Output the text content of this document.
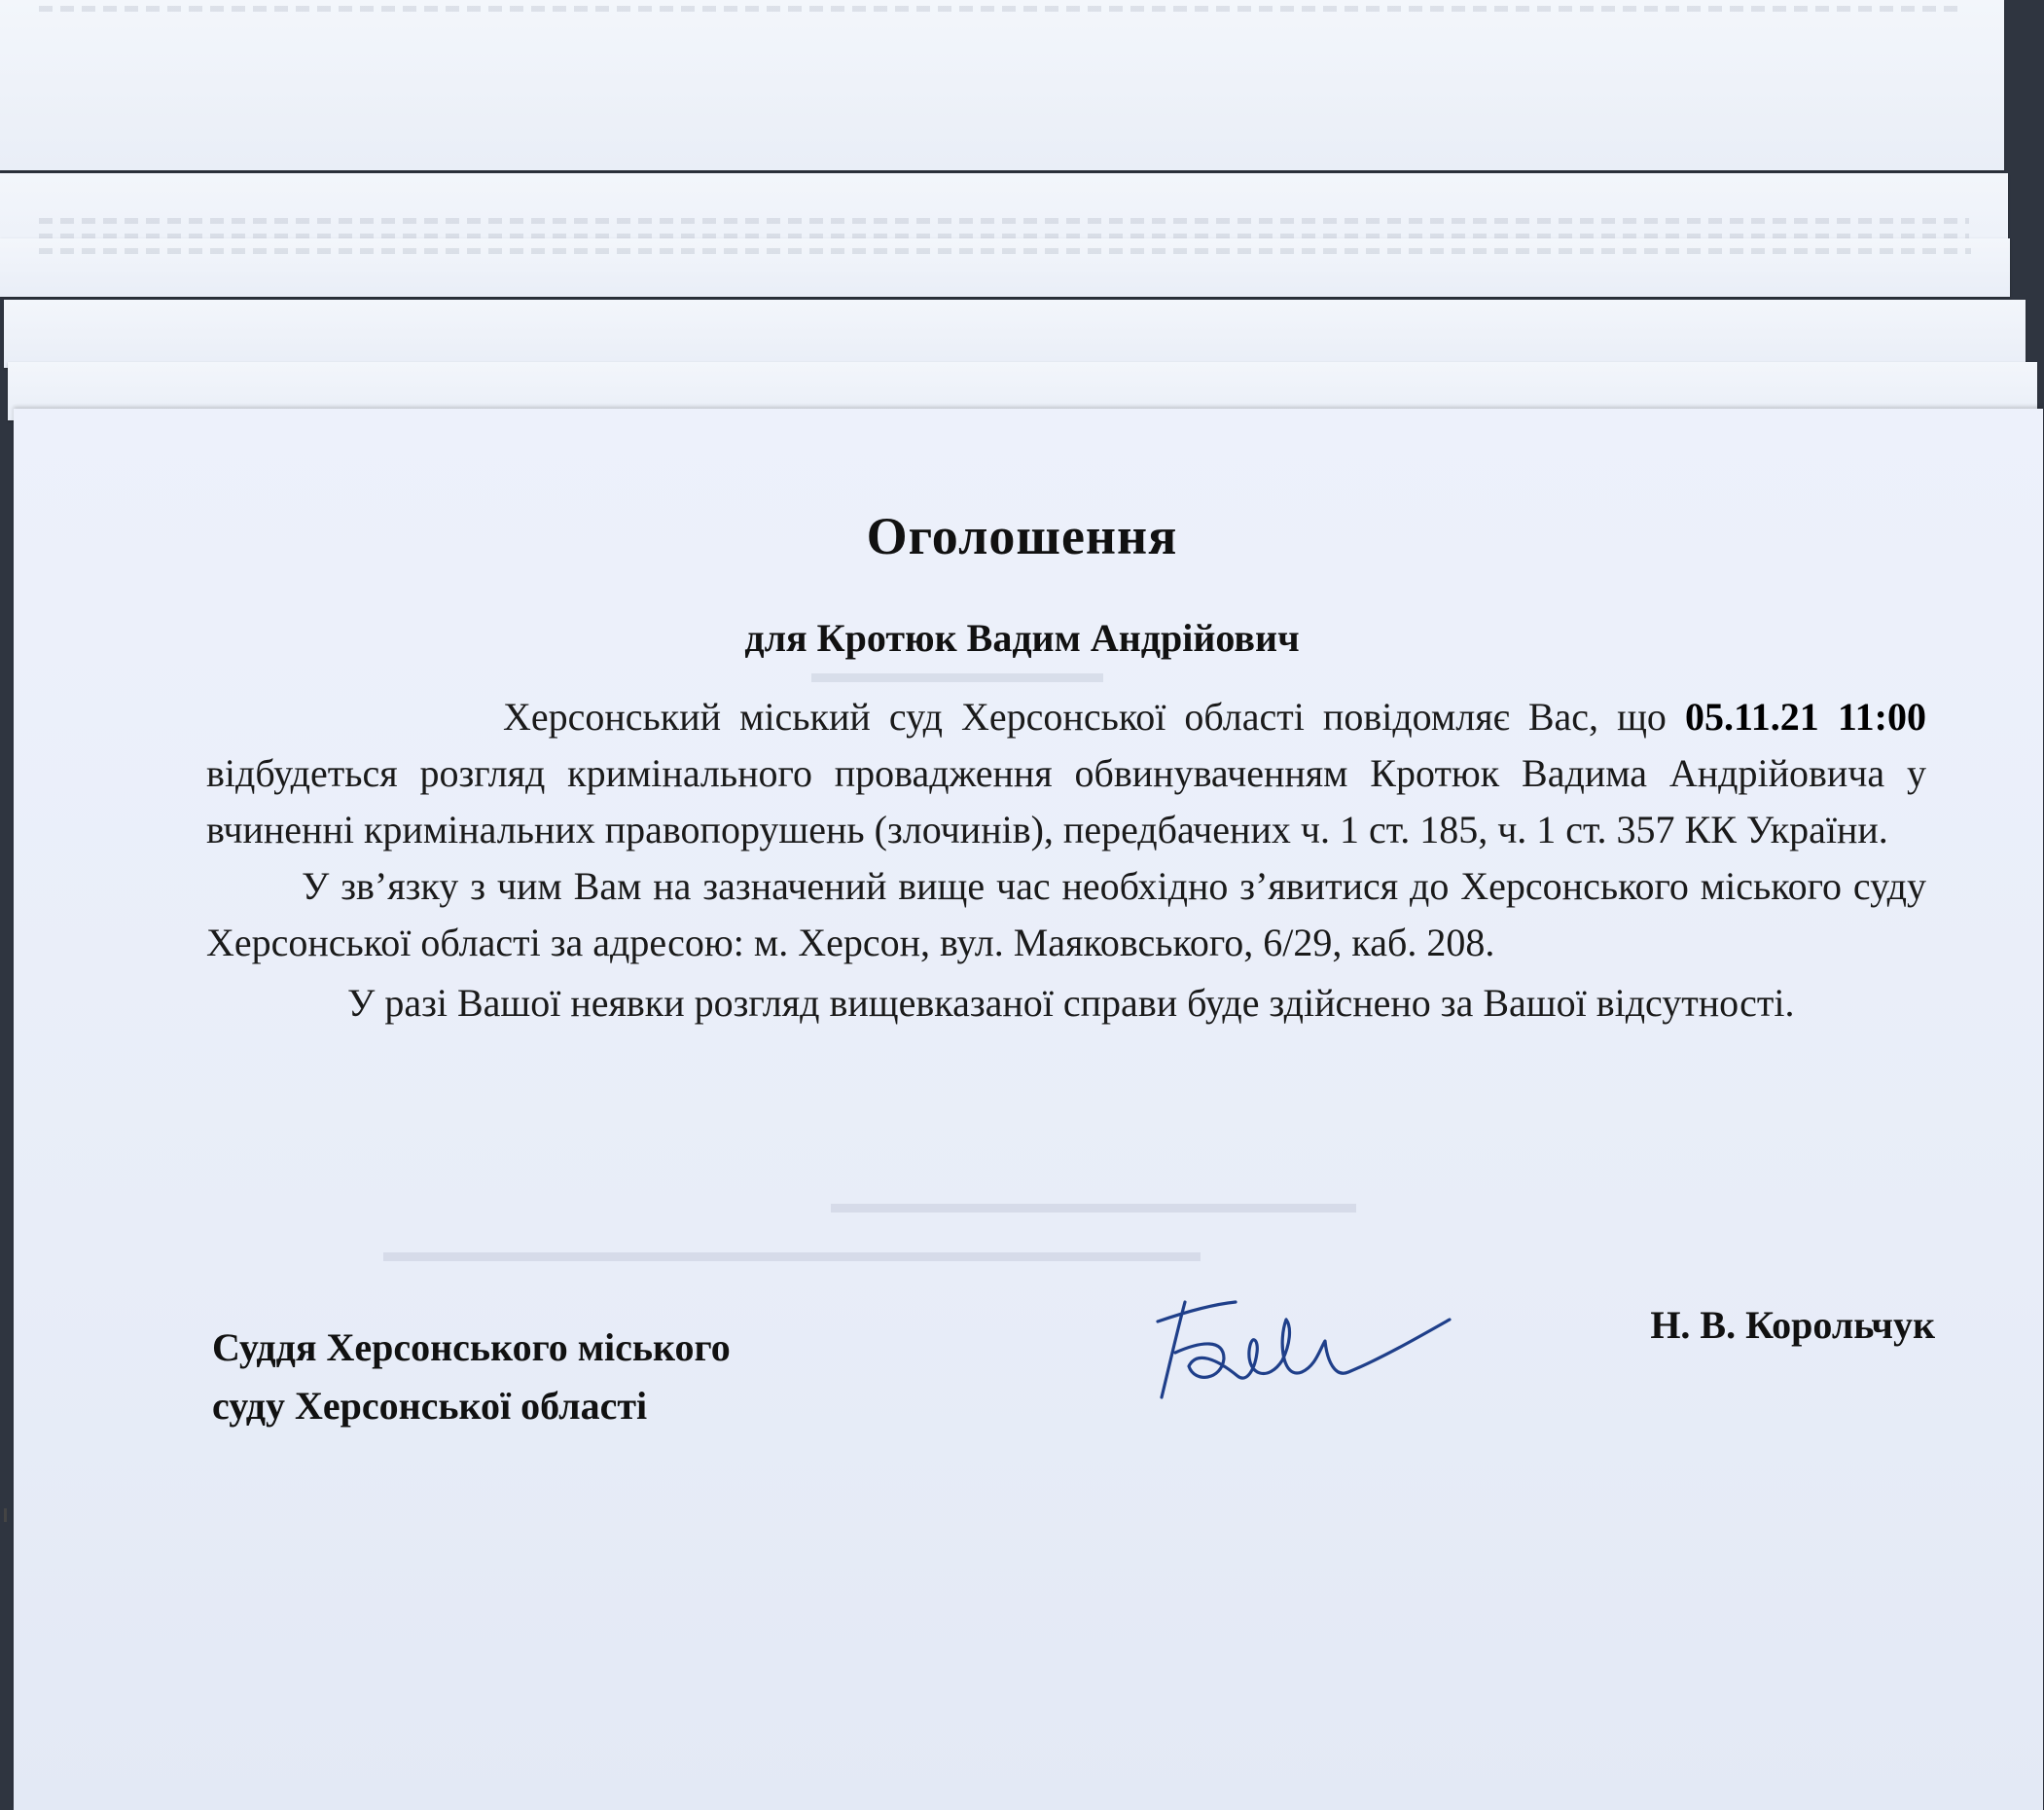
▬▬▬▬▬▬▬▬▬▬
▬▬▬▬▬▬▬▬▬▬▬▬▬▬▬▬▬▬
▬▬▬▬▬▬▬▬▬▬▬▬▬▬▬▬▬▬▬▬▬▬▬▬▬▬▬▬
Оголошення
для Кротюк Вадим Андрійович

Херсонський міський суд Херсонської області повідомляє Вас, що 05.11.21 11:00 відбудеться розгляд кримінального провадження обвинуваченням Кротюк Вадима Андрійовича у вчиненні кримінальних правопорушень (злочинів), передбачених ч. 1 ст. 185, ч. 1 ст. 357 КК України.

У зв’язку з чим Вам на зазначений вище час необхідно з’явитися до Херсонського міського суду Херсонської області за адресою: м. Херсон, вул. Маяковського, 6/29, каб. 208.

У разі Вашої неявки розгляд вищевказаної справи буде здійснено за Вашої відсутності.

Суддя Херсонського міського
суду Херсонської області
Н. В. Корольчук
